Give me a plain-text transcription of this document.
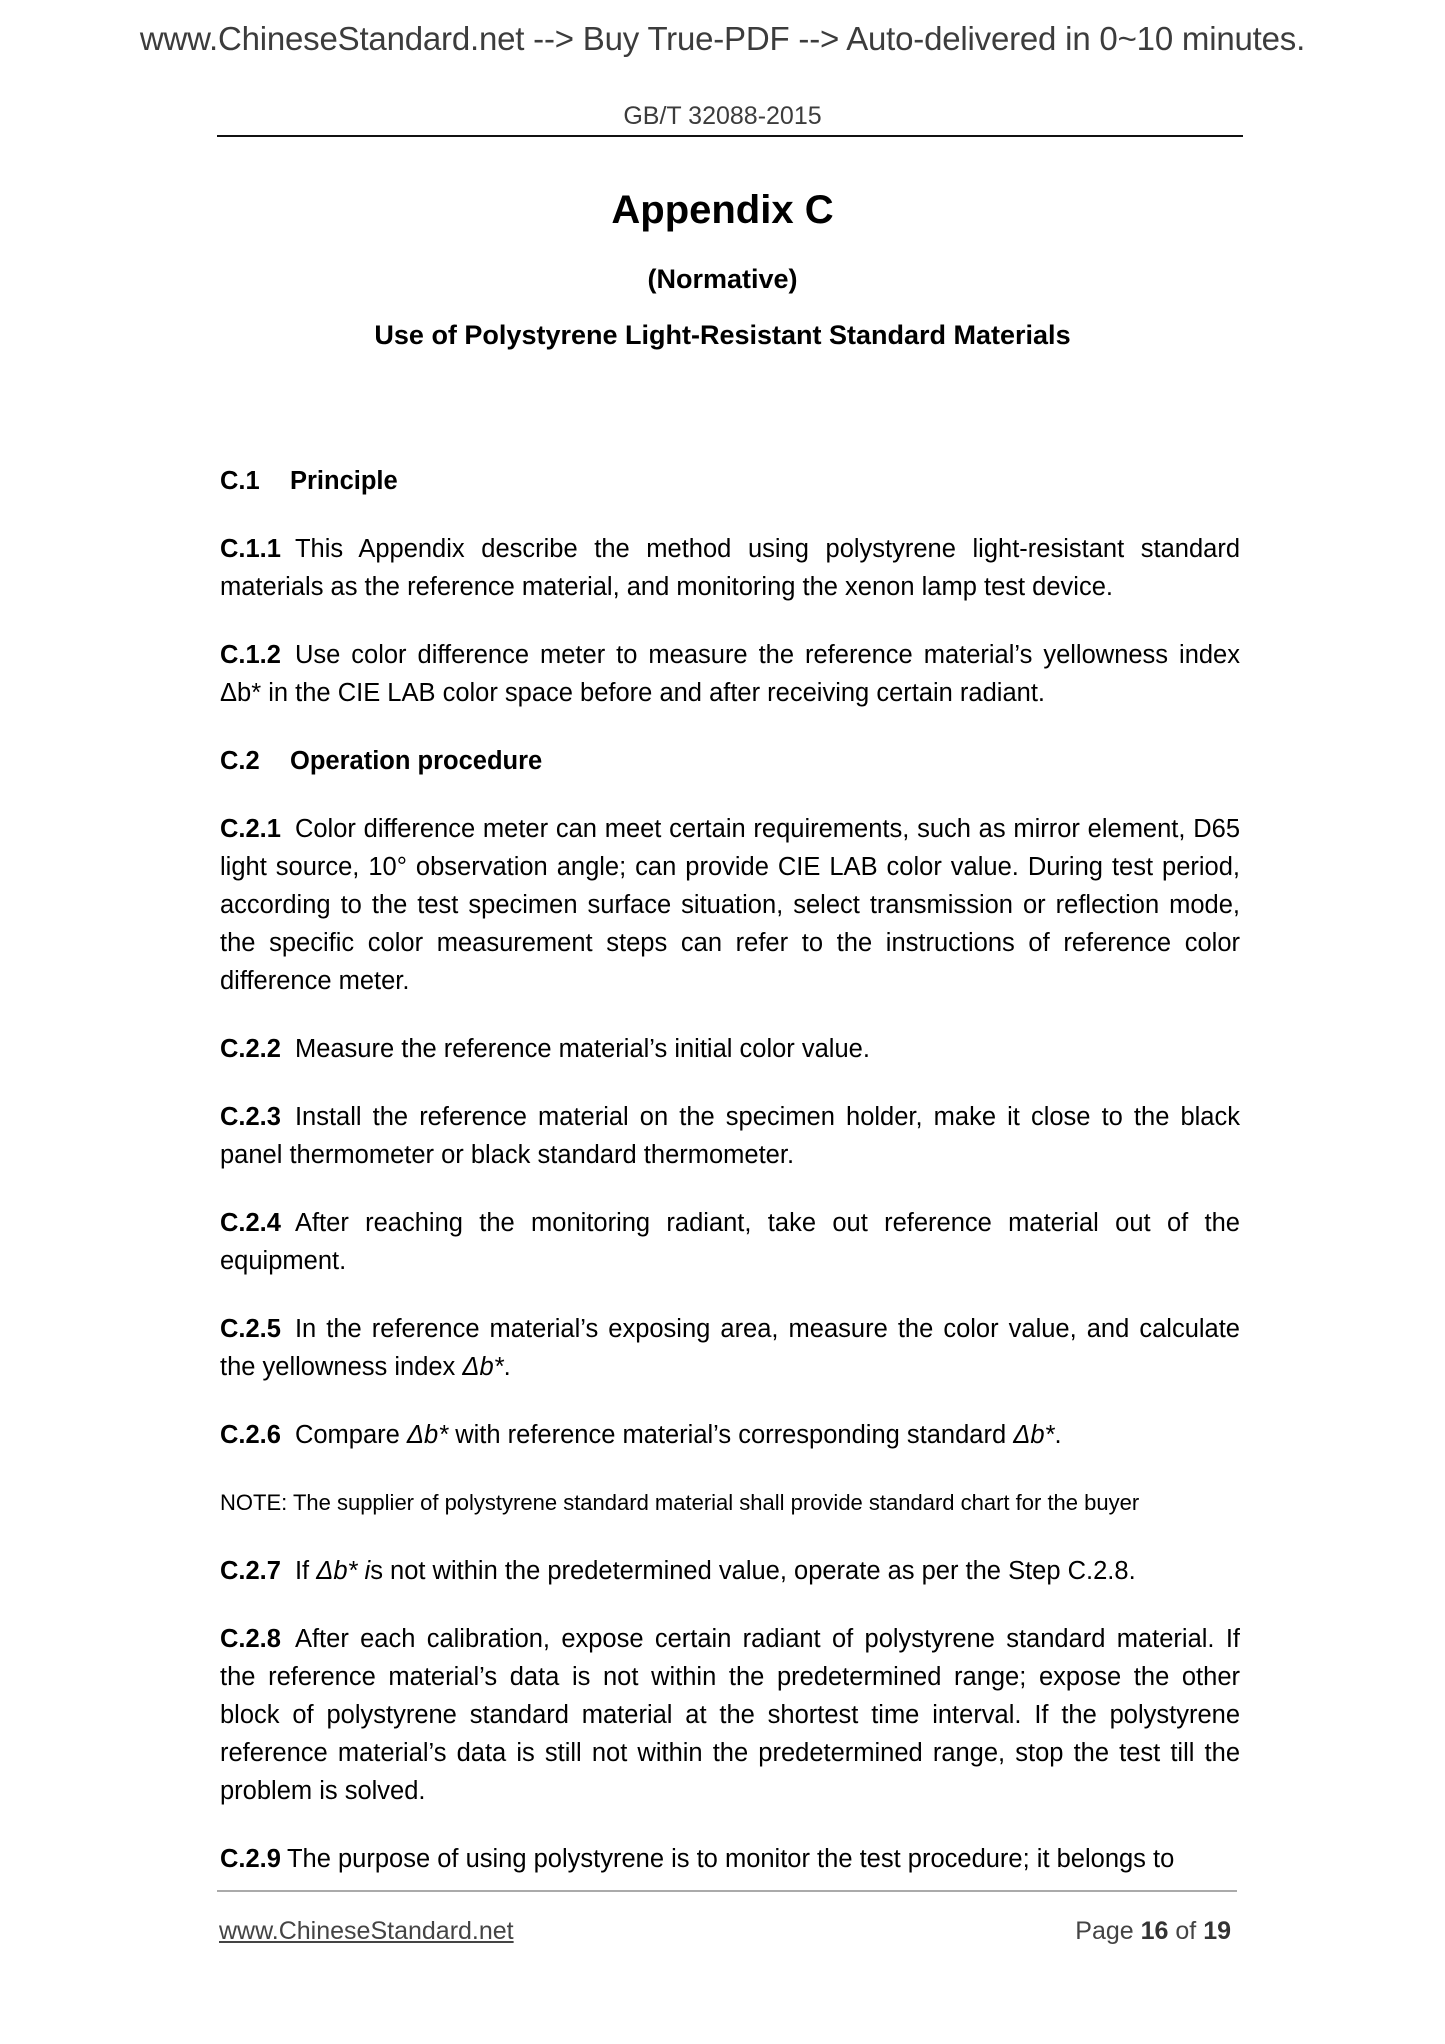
www.ChineseStandard.net --> Buy True-PDF --> Auto-delivered in 0~10 minutes.
GB/T 32088-2015
Appendix C
(Normative)
Use of Polystyrene Light-Resistant Standard Materials
C.1 Principle

C.1.1 This Appendix describe the method using polystyrene light-resistant standard materials as the reference material, and monitoring the xenon lamp test device.

C.1.2 Use color difference meter to measure the reference material’s yellowness index Δb* in the CIE LAB color space before and after receiving certain radiant.

C.2 Operation procedure

C.2.1 Color difference meter can meet certain requirements, such as mirror element, D65 light source, 10° observation angle; can provide CIE LAB color value. During test period, according to the test specimen surface situation, select transmission or reflection mode, the specific color measurement steps can refer to the instructions of reference color difference meter.

C.2.2 Measure the reference material’s initial color value.

C.2.3 Install the reference material on the specimen holder, make it close to the black panel thermometer or black standard thermometer.

C.2.4 After reaching the monitoring radiant, take out reference material out of the equipment.

C.2.5 In the reference material’s exposing area, measure the color value, and calculate the yellowness index Δb*.

C.2.6 Compare Δb* with reference material’s corresponding standard Δb*.

NOTE: The supplier of polystyrene standard material shall provide standard chart for the buyer

C.2.7 If Δb* is not within the predetermined value, operate as per the Step C.2.8.

C.2.8 After each calibration, expose certain radiant of polystyrene standard material. If the reference material’s data is not within the predetermined range; expose the other block of polystyrene standard material at the shortest time interval. If the polystyrene reference material’s data is still not within the predetermined range, stop the test till the problem is solved.

C.2.9 The purpose of using polystyrene is to monitor the test procedure; it belongs to

www.ChineseStandard.net	Page 16 of 19
